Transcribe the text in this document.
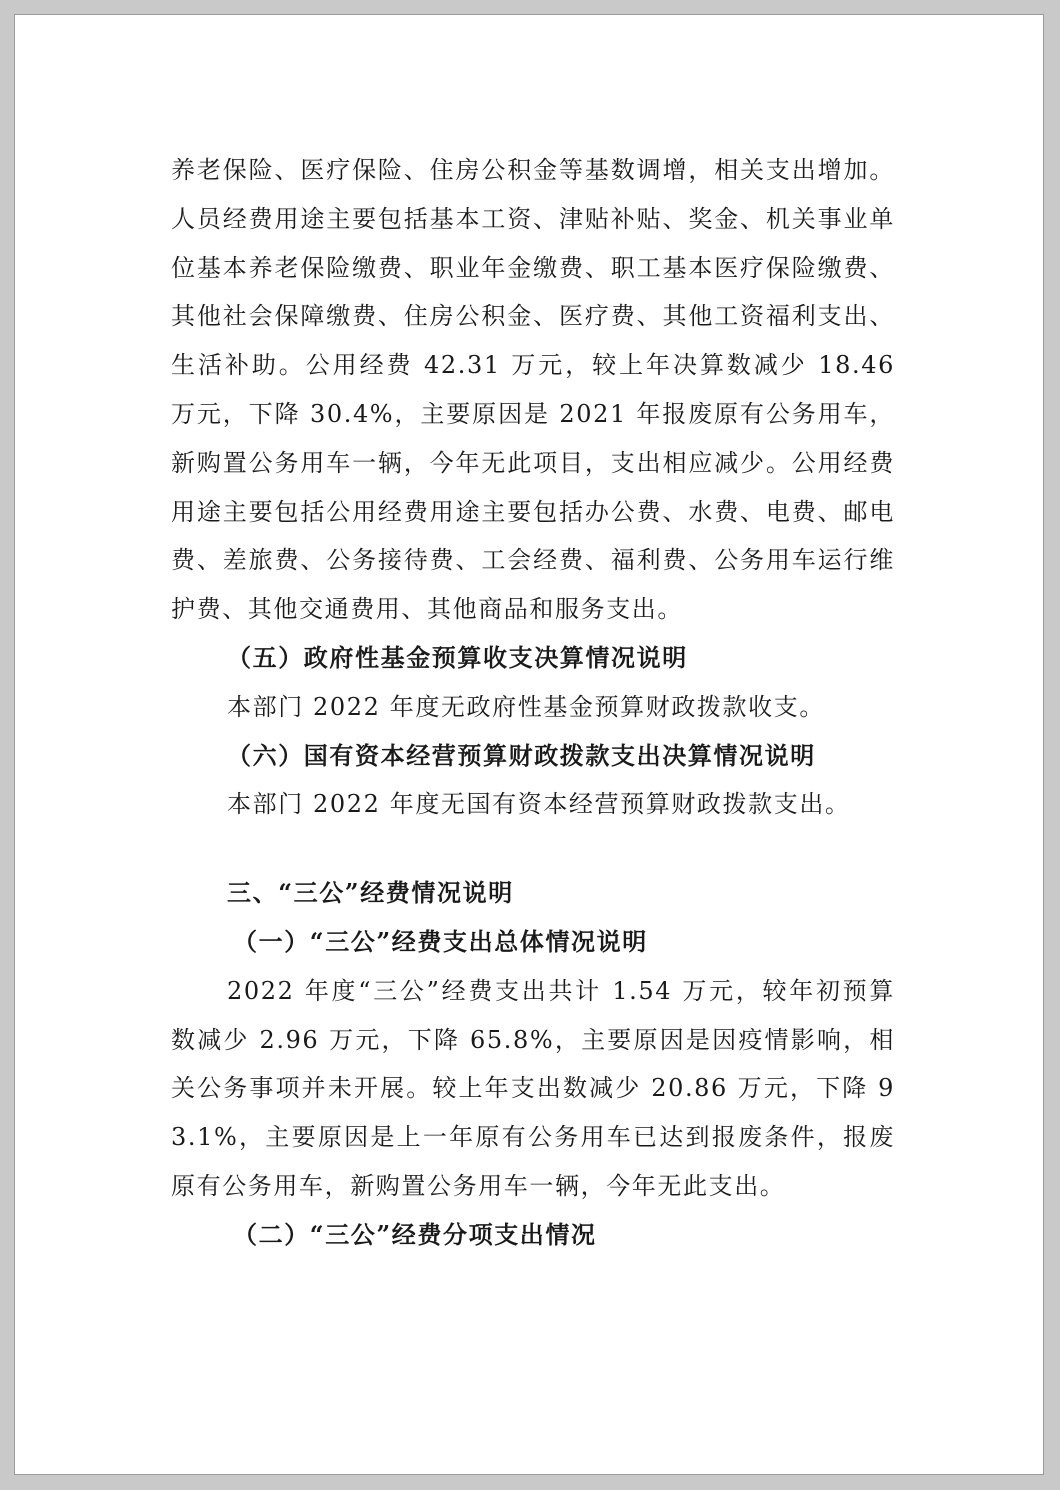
养老保险、医疗保险、住房公积金等基数调增，相关支出增加。人员经费用途主要包括基本工资、津贴补贴、奖金、机关事业单位基本养老保险缴费、职业年金缴费、职工基本医疗保险缴费、其他社会保障缴费、住房公积金、医疗费、其他工资福利支出、生活补助。公用经费 42.31 万元，较上年决算数减少 18.46 万元，下降 30.4%，主要原因是 2021 年报废原有公务用车，新购置公务用车一辆，今年无此项目，支出相应减少。公用经费用途主要包括公用经费用途主要包括办公费、水费、电费、邮电费、差旅费、公务接待费、工会经费、福利费、公务用车运行维护费、其他交通费用、其他商品和服务支出。

（五）政府性基金预算收支决算情况说明

本部门 2022 年度无政府性基金预算财政拨款收支。

（六）国有资本经营预算财政拨款支出决算情况说明

本部门 2022 年度无国有资本经营预算财政拨款支出。

三、“三公”经费情况说明

（一）“三公”经费支出总体情况说明

2022 年度“三公”经费支出共计 1.54 万元，较年初预算数减少 2.96 万元，下降 65.8%，主要原因是因疫情影响，相关公务事项并未开展。较上年支出数减少 20.86 万元，下降 93.1%，主要原因是上一年原有公务用车已达到报废条件，报废原有公务用车，新购置公务用车一辆，今年无此支出。

（二）“三公”经费分项支出情况
